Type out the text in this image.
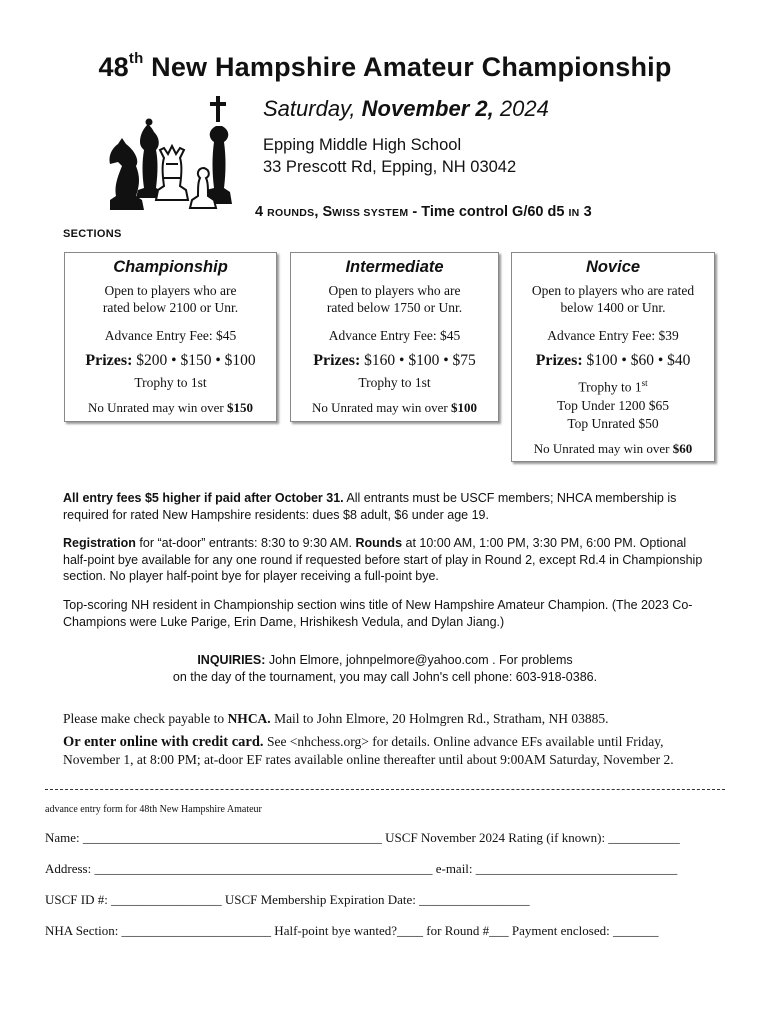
48th New Hampshire Amateur Championship
Saturday, November 2, 2024
Epping Middle High School
33 Prescott Rd, Epping, NH 03042
4 ROUNDS, SWISS SYSTEM - Time control G/60 d5 IN 3
SECTIONS
Championship
Open to players who are
rated below 2100 or Unr.
Advance Entry Fee: $45
Prizes: $200 • $150 • $100
Trophy to 1st
No Unrated may win over $150
Intermediate
Open to players who are
rated below 1750 or Unr.
Advance Entry Fee: $45
Prizes: $160 • $100 • $75
Trophy to 1st
No Unrated may win over $100
Novice
Open to players who are rated
below 1400 or Unr.
Advance Entry Fee: $39
Prizes: $100 • $60 • $40
Trophy to 1st
Top Under 1200 $65
Top Unrated $50
No Unrated may win over $60
All entry fees $5 higher if paid after October 31. All entrants must be USCF members; NHCA membership is required for rated New Hampshire residents: dues $8 adult, $6 under age 19.
Registration for “at-door” entrants: 8:30 to 9:30 AM. Rounds at 10:00 AM, 1:00 PM, 3:30 PM, 6:00 PM. Optional half-point bye available for any one round if requested before start of play in Round 2, except Rd.4 in Championship section. No player half-point bye for player receiving a full-point bye.
Top-scoring NH resident in Championship section wins title of New Hampshire Amateur Champion. (The 2023 Co-Champions were Luke Parige, Erin Dame, Hrishikesh Vedula, and Dylan Jiang.)
INQUIRIES: John Elmore, johnpelmore@yahoo.com . For problems
on the day of the tournament, you may call John's cell phone: 603-918-0386.
Please make check payable to NHCA. Mail to John Elmore, 20 Holmgren Rd., Stratham, NH 03885.
Or enter online with credit card. See <nhchess.org> for details. Online advance EFs available until Friday, November 1, at 8:00 PM; at-door EF rates available online thereafter until about 9:00AM Saturday, November 2.
advance entry form for 48th New Hampshire Amateur
Name: ______________________________________________ USCF November 2024 Rating (if known): ___________
Address: ____________________________________________________ e-mail: _______________________________
USCF ID #: _________________ USCF Membership Expiration Date: _________________
NHA Section: _______________________ Half-point bye wanted?____ for Round #___ Payment enclosed: _______
